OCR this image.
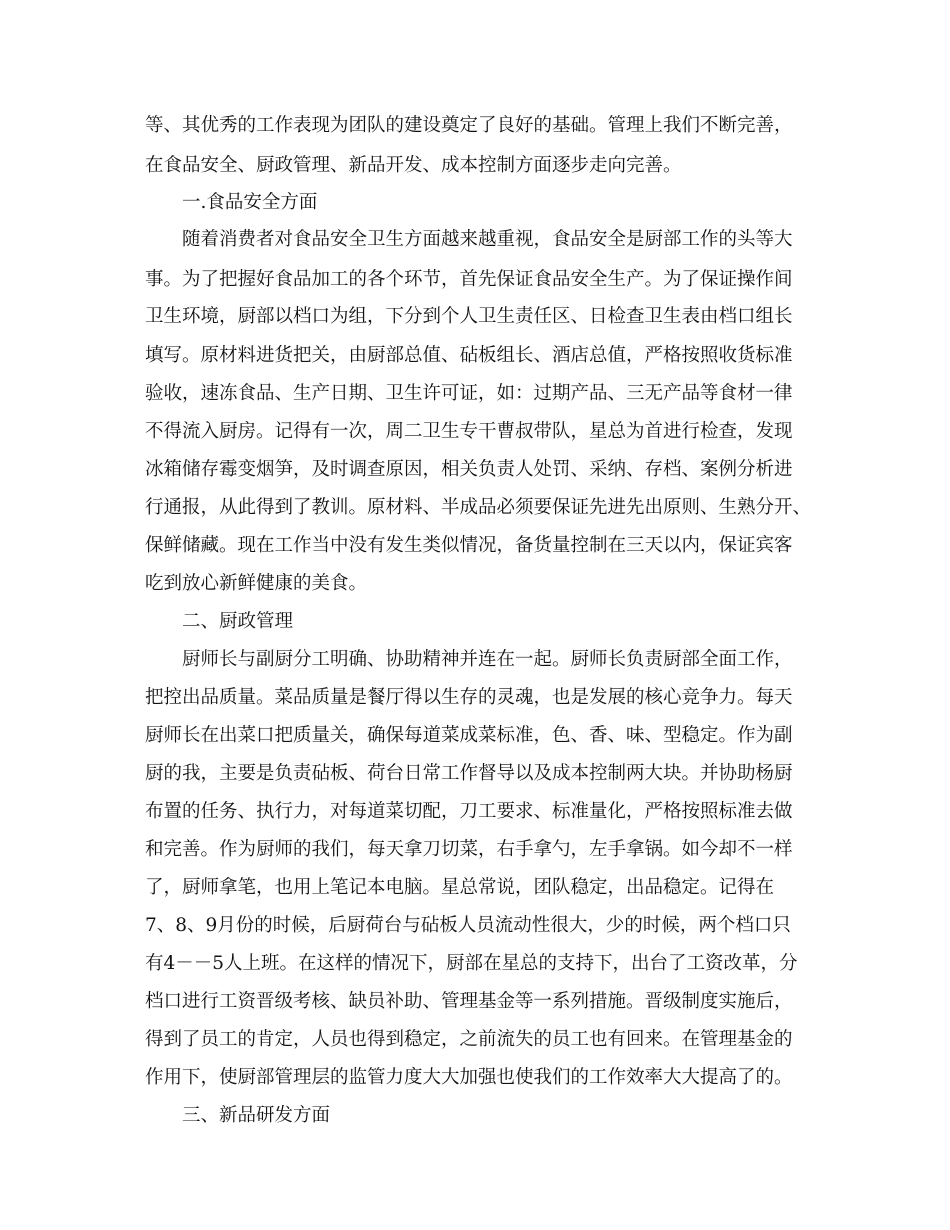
等、其优秀的工作表现为团队的建设奠定了良好的基础。管理上我们不断完善，
在食品安全、厨政管理、新品开发、成本控制方面逐步走向完善。
一.食品安全方面
随着消费者对食品安全卫生方面越来越重视，食品安全是厨部工作的头等大
事。为了把握好食品加工的各个环节，首先保证食品安全生产。为了保证操作间
卫生环境，厨部以档口为组，下分到个人卫生责任区、日检查卫生表由档口组长
填写。原材料进货把关，由厨部总值、砧板组长、酒店总值，严格按照收货标准
验收，速冻食品、生产日期、卫生许可证，如：过期产品、三无产品等食材一律
不得流入厨房。记得有一次，周二卫生专干曹叔带队，星总为首进行检查，发现
冰箱储存霉变烟笋，及时调查原因，相关负责人处罚、采纳、存档、案例分析进
行通报，从此得到了教训。原材料、半成品必须要保证先进先出原则、生熟分开、
保鲜储藏。现在工作当中没有发生类似情况，备货量控制在三天以内，保证宾客
吃到放心新鲜健康的美食。
二、厨政管理
厨师长与副厨分工明确、协助精神并连在一起。厨师长负责厨部全面工作，
把控出品质量。菜品质量是餐厅得以生存的灵魂，也是发展的核心竞争力。每天
厨师长在出菜口把质量关，确保每道菜成菜标准，色、香、味、型稳定。作为副
厨的我，主要是负责砧板、荷台日常工作督导以及成本控制两大块。并协助杨厨
布置的任务、执行力，对每道菜切配，刀工要求、标准量化，严格按照标准去做
和完善。作为厨师的我们，每天拿刀切菜，右手拿勺，左手拿锅。如今却不一样
了，厨师拿笔，也用上笔记本电脑。星总常说，团队稳定，出品稳定。记得在
7、8、9月份的时候，后厨荷台与砧板人员流动性很大，少的时候，两个档口只
有4－－5人上班。在这样的情况下，厨部在星总的支持下，出台了工资改革，分
档口进行工资晋级考核、缺员补助、管理基金等一系列措施。晋级制度实施后，
得到了员工的肯定，人员也得到稳定，之前流失的员工也有回来。在管理基金的
作用下，使厨部管理层的监管力度大大加强也使我们的工作效率大大提高了的。
三、新品研发方面
